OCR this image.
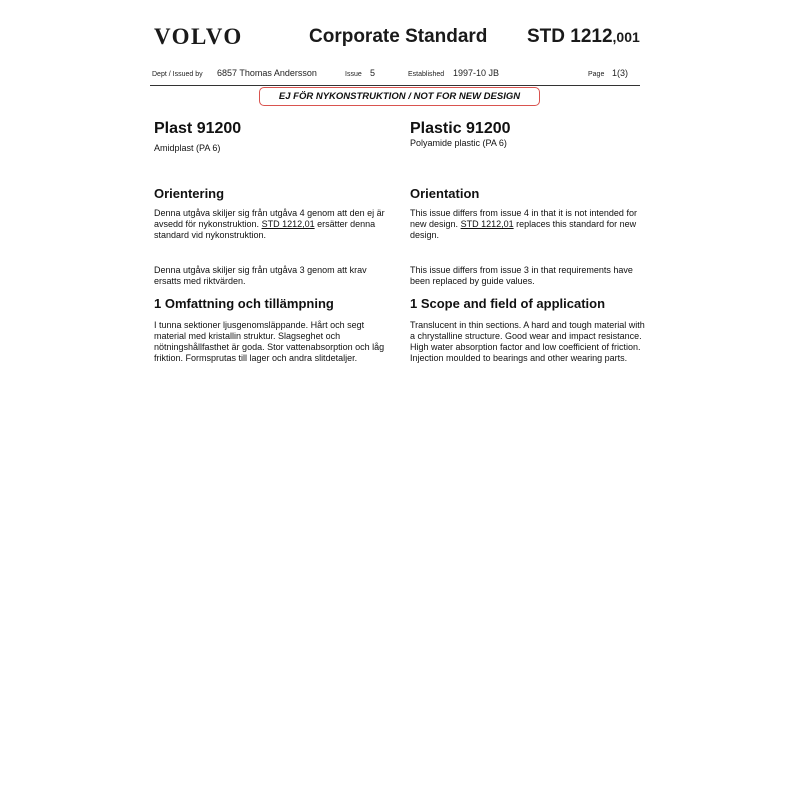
VOLVO	Corporate Standard STD 1212,001
Dept / Issued by 6857 Thomas Andersson	Issue 5	Established 1997-10 JB	Page 1(3)
EJ FÖR NYKONSTRUKTION / NOT FOR NEW DESIGN
Plast 91200
Amidplast (PA 6)
Orientering
Denna utgåva skiljer sig från utgåva 4 genom att den ej är avsedd för nykonstruktion. STD 1212,01 ersätter denna standard vid nykonstruktion.
Denna utgåva skiljer sig från utgåva 3 genom att krav ersatts med riktvärden.
1 Omfattning och tillämpning
I tunna sektioner ljusgenomsläppande. Hårt och segt material med kristallin struktur. Slagseghet och nötningshållfasthet är goda. Stor vattenabsorption och låg friktion. Formsprutas till lager och andra slitdetaljer.
Plastic 91200
Polyamide plastic (PA 6)
Orientation
This issue differs from issue 4 in that it is not intended for new design. STD 1212,01 replaces this standard for new design.
This issue differs from issue 3 in that requirements have been replaced by guide values.
1 Scope and field of application
Translucent in thin sections. A hard and tough material with a chrystalline structure. Good wear and impact resistance. High water absorption factor and low coefficient of friction. Injection moulded to bearings and other wearing parts.
